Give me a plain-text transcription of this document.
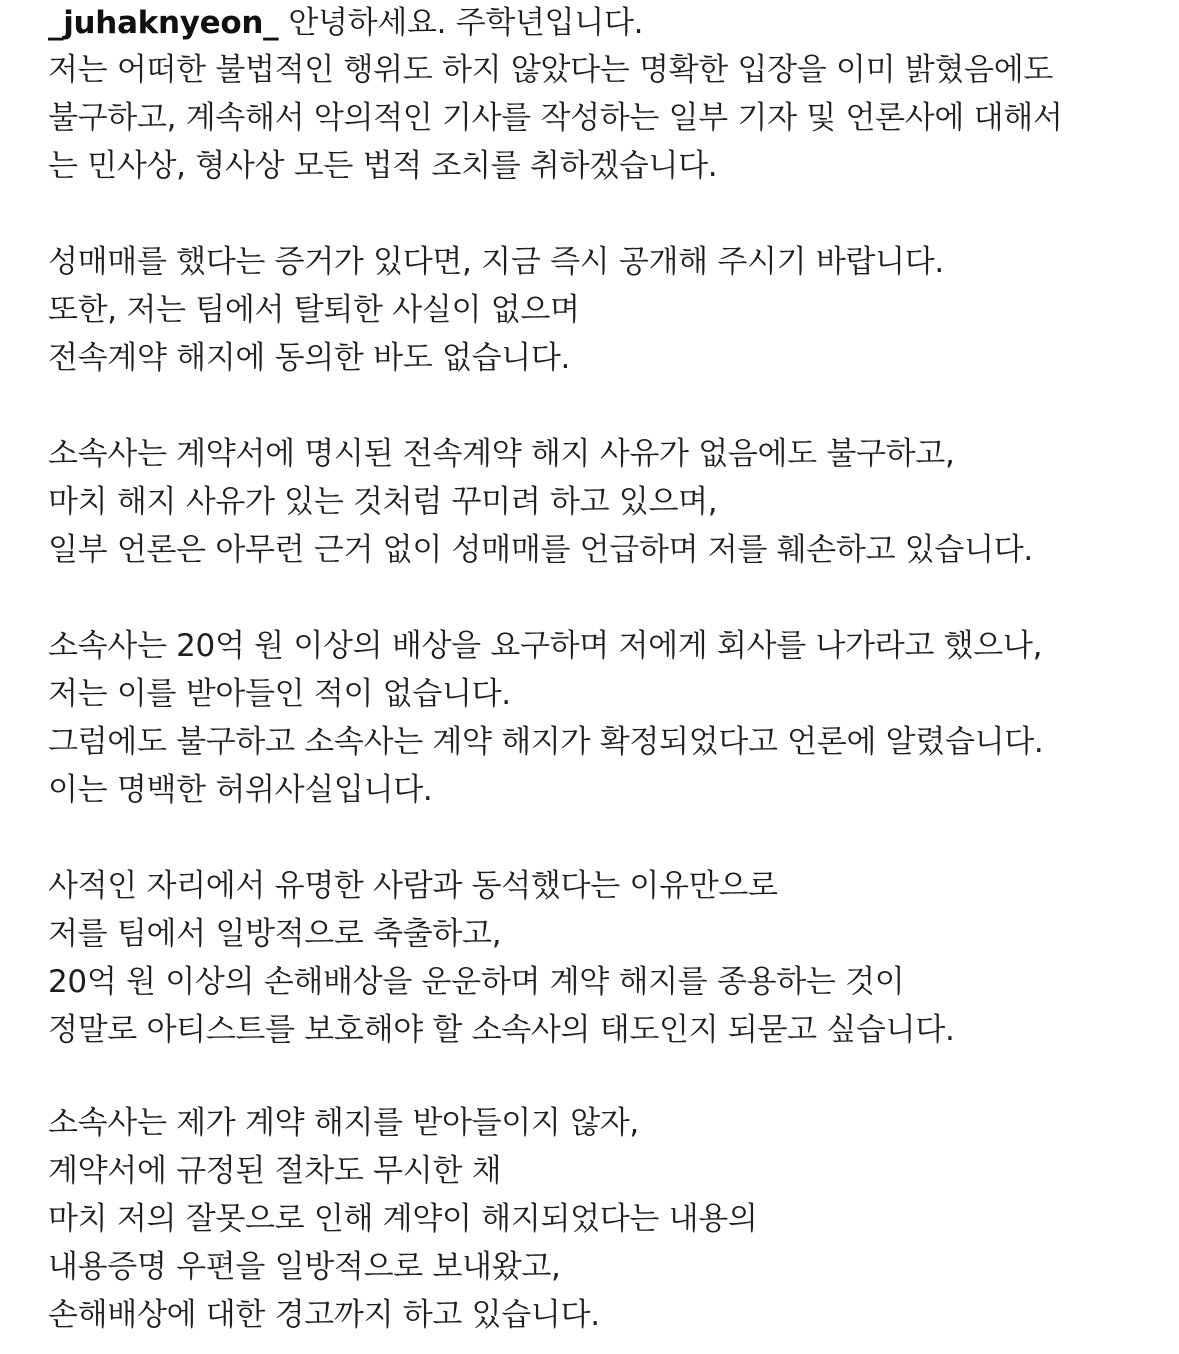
_juhaknyeon_ 안녕하세요. 주학년입니다.
저는 어떠한 불법적인 행위도 하지 않았다는 명확한 입장을 이미 밝혔음에도
불구하고, 계속해서 악의적인 기사를 작성하는 일부 기자 및 언론사에 대해서
는 민사상, 형사상 모든 법적 조치를 취하겠습니다.
성매매를 했다는 증거가 있다면, 지금 즉시 공개해 주시기 바랍니다.
또한, 저는 팀에서 탈퇴한 사실이 없으며
전속계약 해지에 동의한 바도 없습니다.
소속사는 계약서에 명시된 전속계약 해지 사유가 없음에도 불구하고,
마치 해지 사유가 있는 것처럼 꾸미려 하고 있으며,
일부 언론은 아무런 근거 없이 성매매를 언급하며 저를 훼손하고 있습니다.
소속사는 20억 원 이상의 배상을 요구하며 저에게 회사를 나가라고 했으나,
저는 이를 받아들인 적이 없습니다.
그럼에도 불구하고 소속사는 계약 해지가 확정되었다고 언론에 알렸습니다.
이는 명백한 허위사실입니다.
사적인 자리에서 유명한 사람과 동석했다는 이유만으로
저를 팀에서 일방적으로 축출하고,
20억 원 이상의 손해배상을 운운하며 계약 해지를 종용하는 것이
정말로 아티스트를 보호해야 할 소속사의 태도인지 되묻고 싶습니다.
소속사는 제가 계약 해지를 받아들이지 않자,
계약서에 규정된 절차도 무시한 채
마치 저의 잘못으로 인해 계약이 해지되었다는 내용의
내용증명 우편을 일방적으로 보내왔고,
손해배상에 대한 경고까지 하고 있습니다.
